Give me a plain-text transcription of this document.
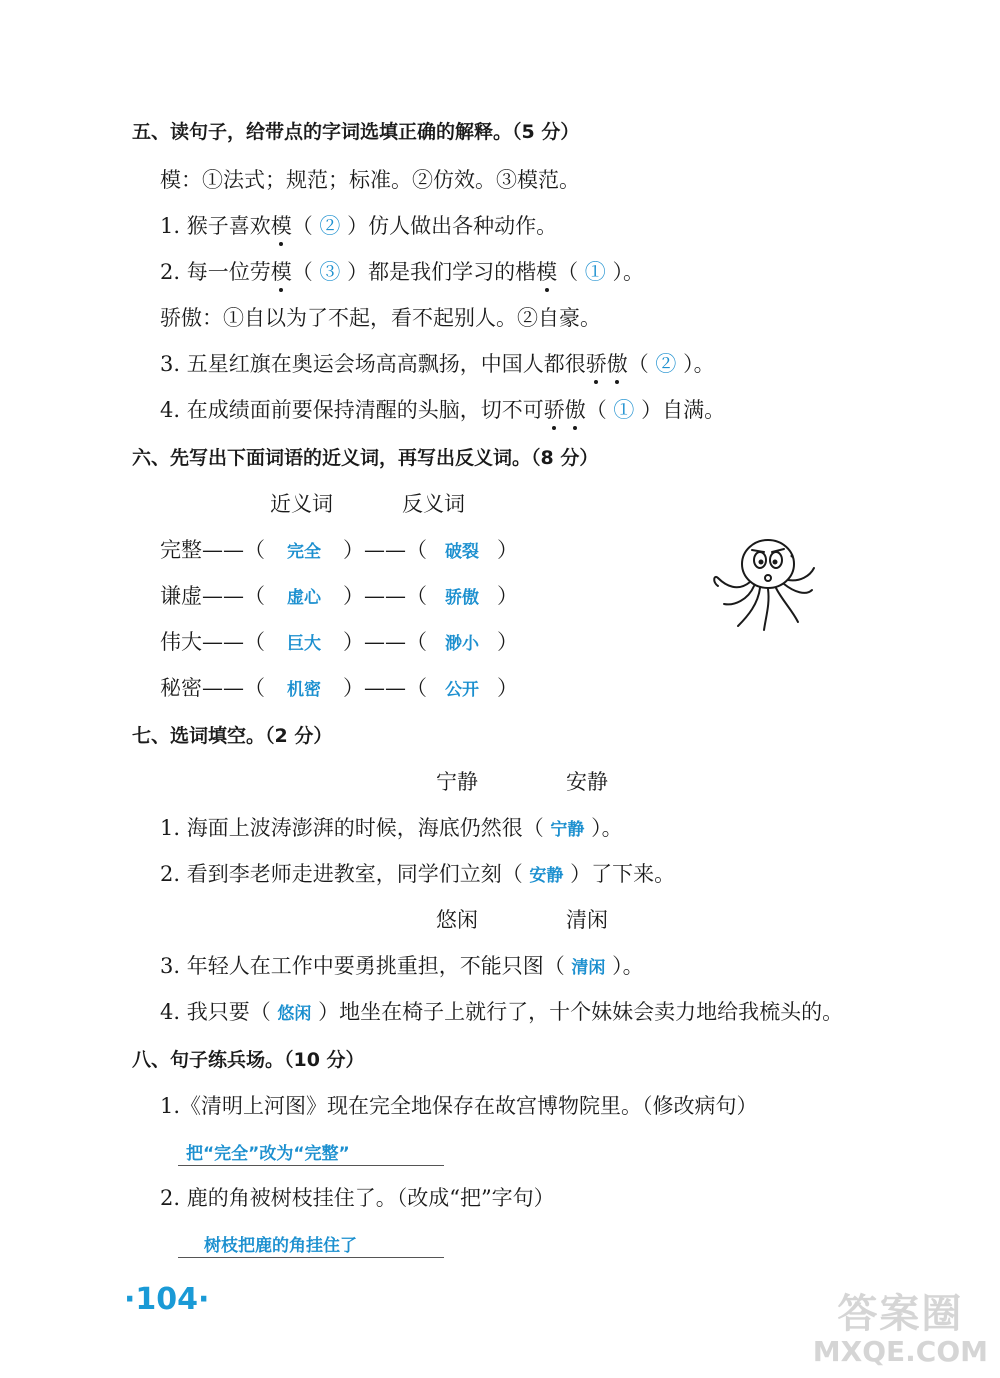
五、读句子，给带点的字词选填正确的解释。（5 分）
模：①法式；规范；标准。②仿效。③模范。
1. 猴子喜欢模（ ② ）仿人做出各种动作。
2. 每一位劳模（ ③ ）都是我们学习的楷模（ ① ）。
骄傲：①自以为了不起，看不起别人。②自豪。
3. 五星红旗在奥运会场高高飘扬，中国人都很骄傲（ ② ）。
4. 在成绩面前要保持清醒的头脑，切不可骄傲（ ① ）自满。
六、先写出下面词语的近义词，再写出反义词。（8 分）
近义词	反义词
完整——（ 完全 ）——（ 破裂 ）
谦虚——（ 虚心 ）——（ 骄傲 ）
伟大——（ 巨大 ）——（ 渺小 ）
秘密——（ 机密 ）——（ 公开 ）
七、选词填空。（2 分）
宁静	安静
1. 海面上波涛澎湃的时候，海底仍然很（ 宁静 ）。
2. 看到李老师走进教室，同学们立刻（ 安静 ）了下来。
悠闲	清闲
3. 年轻人在工作中要勇挑重担，不能只图（ 清闲 ）。
4. 我只要（ 悠闲 ）地坐在椅子上就行了，十个妹妹会卖力地给我梳头的。
八、句子练兵场。（10 分）
1.《清明上河图》现在完全地保存在故宫博物院里。（修改病句）
把“完全”改为“完整”
2. 鹿的角被树枝挂住了。（改成“把”字句）
树枝把鹿的角挂住了
·104·	答案圈
MXQE.COM
